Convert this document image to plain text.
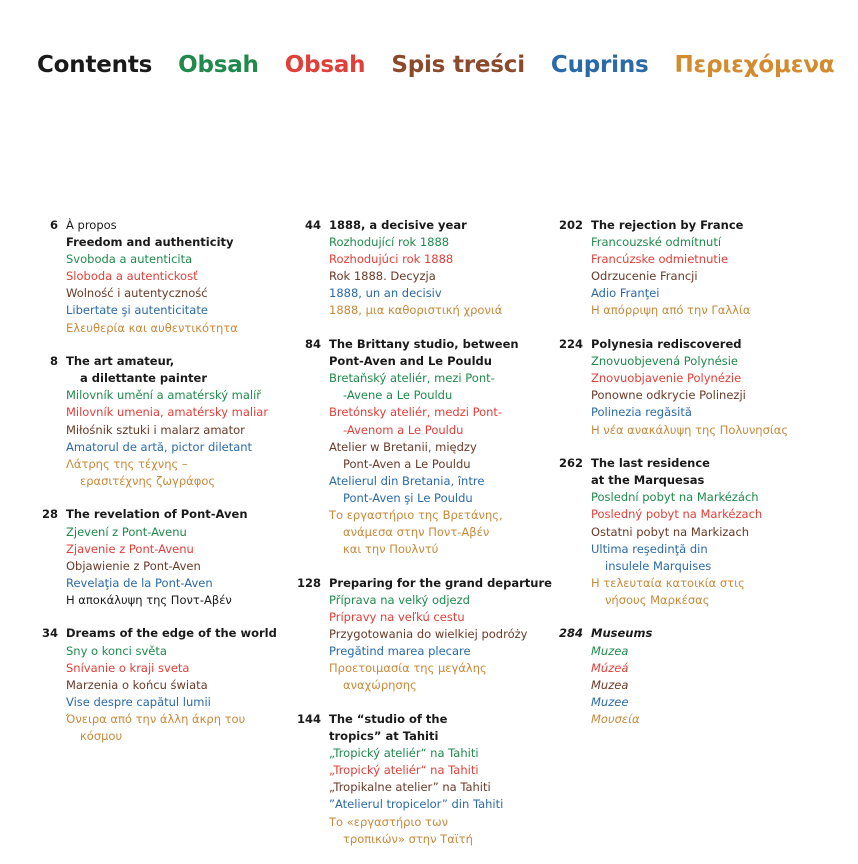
Contents Obsah Obsah Spis treści Cuprins Περιεχόμενα
6 À propos
Freedom and authenticity
Svoboda a autenticita
Sloboda a autentickosť
Wolność i autentyczność
Libertate şi autenticitate
Ελευθερία και αυθεντικότητα
8 The art amateur,
a dilettante painter
Milovník umění a amatérský malíř
Milovník umenia, amatérsky maliar
Miłośnik sztuki i malarz amator
Amatorul de artă, pictor diletant
Λάτρης της τέχνης –
ερασιτέχνης ζωγράφος
28 The revelation of Pont-Aven
Zjevení z Pont-Avenu
Zjavenie z Pont-Avenu
Objawienie z Pont-Aven
Revelaţia de la Pont-Aven
Η αποκάλυψη της Ποντ-Αβέν
34 Dreams of the edge of the world
Sny o konci světa
Snívanie o kraji sveta
Marzenia o końcu świata
Vise despre capătul lumii
Όνειρα από την άλλη άκρη του
κόσμου
44 1888, a decisive year
Rozhodující rok 1888
Rozhodujúci rok 1888
Rok 1888. Decyzja
1888, un an decisiv
1888, μια καθοριστική χρονιά
84 The Brittany studio, between
Pont-Aven and Le Pouldu
Bretaňský ateliér, mezi Pont-
-Avene a Le Pouldu
Bretónsky ateliér, medzi Pont-
-Avenom a Le Pouldu
Atelier w Bretanii, między
Pont-Aven a Le Pouldu
Atelierul din Bretania, între
Pont-Aven şi Le Pouldu
Το εργαστήριο της Βρετάνης,
ανάμεσα στην Ποντ-Αβέν
και την Πουλντύ
128 Preparing for the grand departure
Příprava na velký odjezd
Prípravy na veľkú cestu
Przygotowania do wielkiej podróży
Pregătind marea plecare
Προετοιμασία της μεγάλης
αναχώρησης
144 The “studio of the
tropics” at Tahiti
„Tropický ateliér“ na Tahiti
„Tropický ateliér“ na Tahiti
„Tropikalne atelier” na Tahiti
”Atelierul tropicelor” din Tahiti
Το «εργαστήριο των
τροπικών» στην Ταϊτή
202 The rejection by France
Francouzské odmítnutí
Francúzske odmietnutie
Odrzucenie Francji
Adio Franţei
Η απόρριψη από την Γαλλία
224 Polynesia rediscovered
Znovuobjevená Polynésie
Znovuobjavenie Polynézie
Ponowne odkrycie Polinezji
Polinezia regăsită
Η νέα ανακάλυψη της Πολυνησίας
262 The last residence
at the Marquesas
Poslední pobyt na Markézách
Posledný pobyt na Markézach
Ostatni pobyt na Markizach
Ultima reşedinţă din
insulele Marquises
Η τελευταία κατοικία στις
νήσους Μαρκέσας
284 Museums
Muzea
Múzeá
Muzea
Muzee
Μουσεία
